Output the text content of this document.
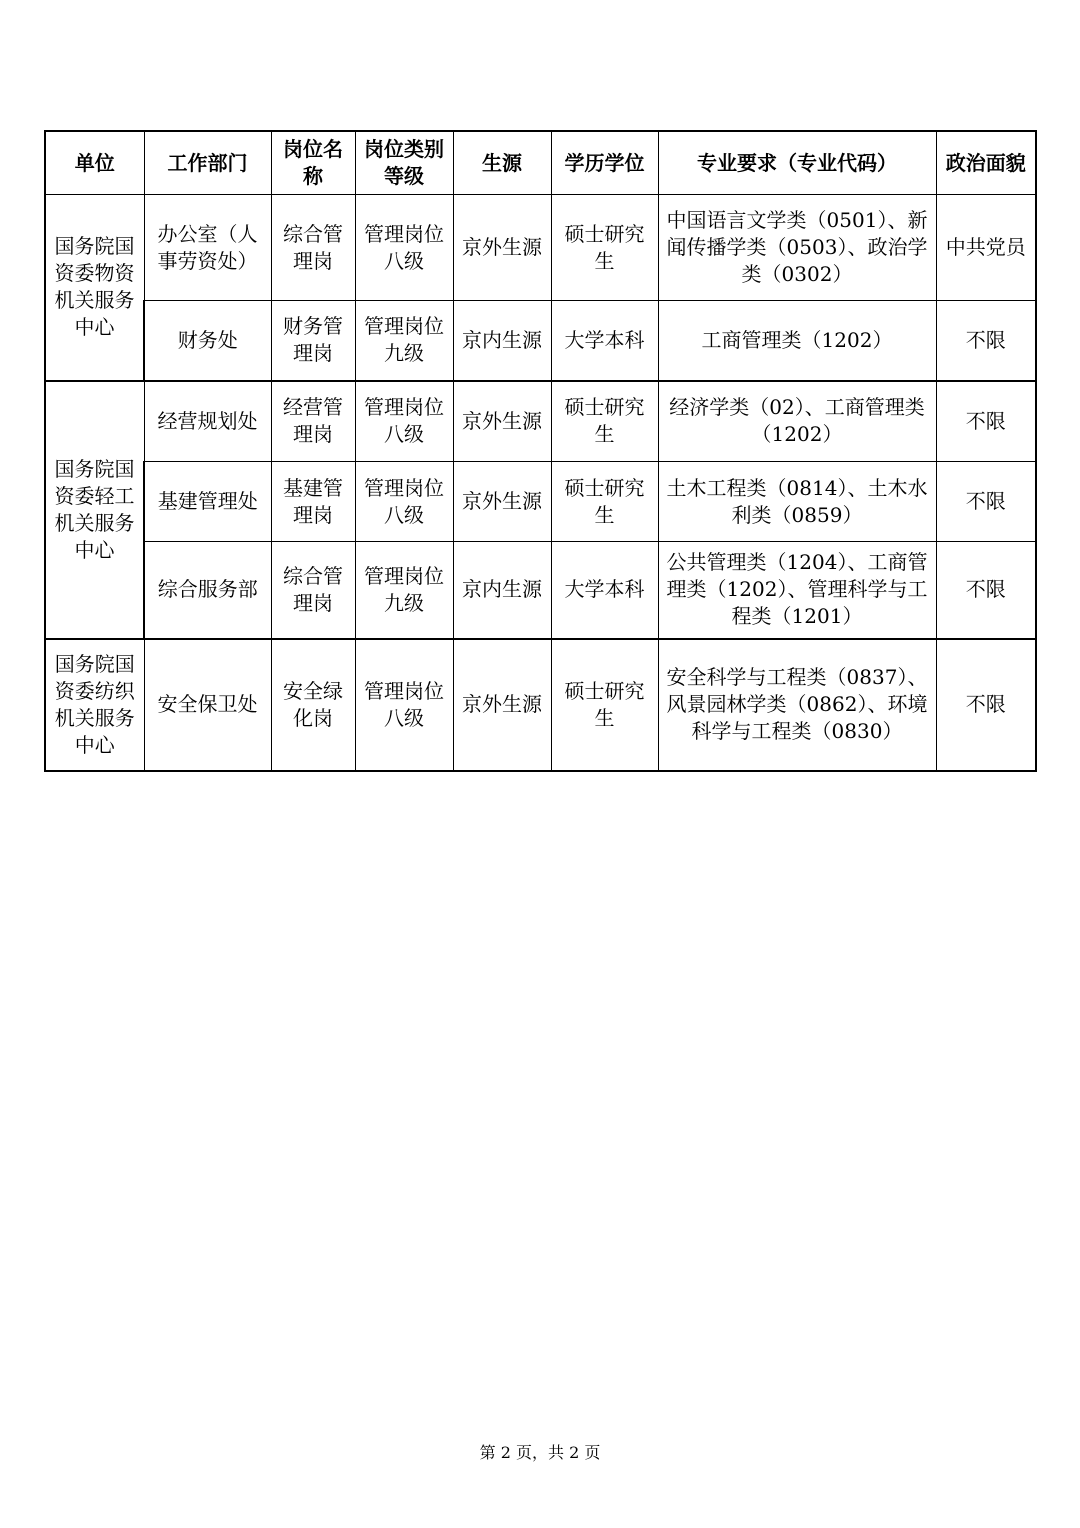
单位	工作部门	岗位名称	岗位类别等级	生源	学历学位	专业要求（专业代码）	政治面貌
国务院国资委物资机关服务中心	办公室（人事劳资处）	综合管理岗	管理岗位八级	京外生源	硕士研究生	中国语言文学类（0501）、新闻传播学类（0503）、政治学类（0302）	中共党员
	财务处	财务管理岗	管理岗位九级	京内生源	大学本科	工商管理类（1202）	不限
国务院国资委轻工机关服务中心	经营规划处	经营管理岗	管理岗位八级	京外生源	硕士研究生	经济学类（02）、工商管理类（1202）	不限
	基建管理处	基建管理岗	管理岗位八级	京外生源	硕士研究生	土木工程类（0814）、土木水利类（0859）	不限
	综合服务部	综合管理岗	管理岗位九级	京内生源	大学本科	公共管理类（1204）、工商管理类（1202）、管理科学与工程类（1201）	不限
国务院国资委纺织机关服务中心	安全保卫处	安全绿化岗	管理岗位八级	京外生源	硕士研究生	安全科学与工程类（0837）、风景园林学类（0862）、环境科学与工程类（0830）	不限
第 2 页，共 2 页
